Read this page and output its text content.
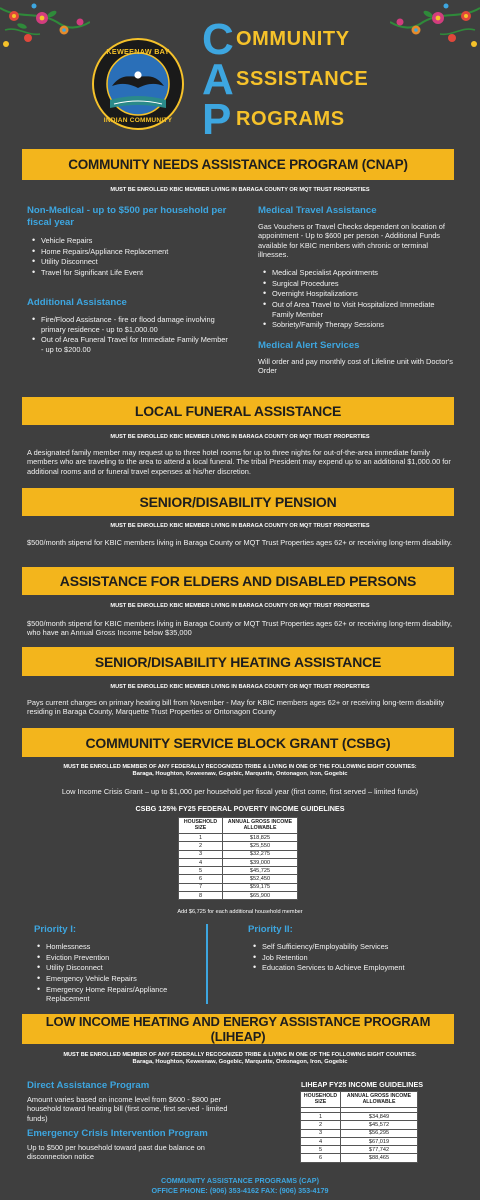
KEWEENAW BAY
INDIAN COMMUNITY
C
A
P
OMMUNITY
SSSISTANCE
ROGRAMS
COMMUNITY NEEDS ASSISTANCE PROGRAM (CNAP)
MUST BE ENROLLED KBIC MEMBER LIVING IN BARAGA COUNTY OR MQT TRUST PROPERTIES
Non-Medical - up to $500 per household per fiscal year
• Vehicle Repairs
• Home Repairs/Appliance Replacement
• Utility Disconnect
• Travel for Significant Life Event
Additional Assistance
• Fire/Flood Assistance - fire or flood damage involving primary residence - up to $1,000.00
• Out of Area Funeral Travel for Immediate Family Member - up to $200.00
Medical Travel Assistance
Gas Vouchers or Travel Checks dependent on location of appointment - Up to $600 per person - Additional Funds available for KBIC members with chronic or terminal illnesses.
• Medical Specialist Appointments
• Surgical Procedures
• Overnight Hospitalizations
• Out of Area Travel to Visit Hospitalized Immediate Family Member
• Sobriety/Family Therapy Sessions
Medical Alert Services
Will order and pay monthly cost of Lifeline unit with Doctor's Order
LOCAL FUNERAL ASSISTANCE
MUST BE ENROLLED KBIC MEMBER LIVING IN BARAGA COUNTY OR MQT TRUST PROPERTIES
A designated family member may request up to three hotel rooms for up to three nights for out-of-the-area immediate family members who are traveling to the area to attend a local funeral. The tribal President may expend up to an additional $1,000.00 for additional rooms and or funeral travel expenses at his/her discretion.
SENIOR/DISABILITY PENSION
MUST BE ENROLLED KBIC MEMBER LIVING IN BARAGA COUNTY OR MQT TRUST PROPERTIES
$500/month stipend for KBIC members living in Baraga County or MQT Trust Properties ages 62+ or receiving long-term disability.
ASSISTANCE FOR ELDERS AND DISABLED PERSONS
MUST BE ENROLLED KBIC MEMBER LIVING IN BARAGA COUNTY OR MQT TRUST PROPERTIES
$500/month stipend for KBIC members living in Baraga County or MQT Trust Properties ages 62+ or receiving long-term disability, who have an Annual Gross Income below $35,000
SENIOR/DISABILITY HEATING ASSISTANCE
MUST BE ENROLLED KBIC MEMBER LIVING IN BARAGA COUNTY OR MQT TRUST PROPERTIES
Pays current charges on primary heating bill from November - May for KBIC members ages 62+ or receiving long-term disability residing in Baraga County, Marquette Trust Properties or Ontonagon County
COMMUNITY SERVICE BLOCK GRANT (CSBG)
MUST BE ENROLLED MEMBER OF ANY FEDERALLY RECOGNIZED TRIBE & LIVING IN ONE OF THE FOLLOWING EIGHT COUNTIES:
Baraga, Houghton, Keweenaw, Gogebic, Marquette, Ontonagon, Iron, Gogebic
Low Income Crisis Grant – up to $1,000 per household per fiscal year (first come, first served – limited funds)
CSBG 125% FY25 FEDERAL POVERTY INCOME GUIDELINES
HOUSEHOLD SIZE	ANNUAL GROSS INCOME ALLOWABLE
1	$18,825
2	$25,550
3	$32,275
4	$39,000
5	$45,725
6	$52,450
7	$59,175
8	$65,900
Add $6,725 for each additional household member
Priority I:
• Homlessness
• Eviction Prevention
• Utility Disconnect
• Emergency Vehicle Repairs
• Emergency Home Repairs/Appliance Replacement
Priority II:
• Self Sufficiency/Employability Services
• Job Retention
• Education Services to Achieve Employment
LOW INCOME HEATING AND ENERGY ASSISTANCE PROGRAM (LIHEAP)
MUST BE ENROLLED MEMBER OF ANY FEDERALLY RECOGNIZED TRIBE & LIVING IN ONE OF THE FOLLOWING EIGHT COUNTIES:
Baraga, Houghton, Keweenaw, Gogebic, Marquette, Ontonagon, Iron, Gogebic
Direct Assistance Program
Amount varies based on income level from $600 - $800 per household toward heating bill (first come, first served - limited funds)
Emergency Crisis Intervention Program
Up to $500 per household toward past due balance on disconnection notice
LIHEAP FY25 INCOME GUIDELINES
HOUSEHOLD SIZE	ANNUAL GROSS INCOME ALLOWABLE

1	$34,849
2	$45,572
3	$56,295
4	$67,019
5	$77,742
6	$88,465
COMMUNITY ASSISTANCE PROGRAMS (CAP)
OFFICE PHONE: (906) 353-4162 FAX: (906) 353-4179
